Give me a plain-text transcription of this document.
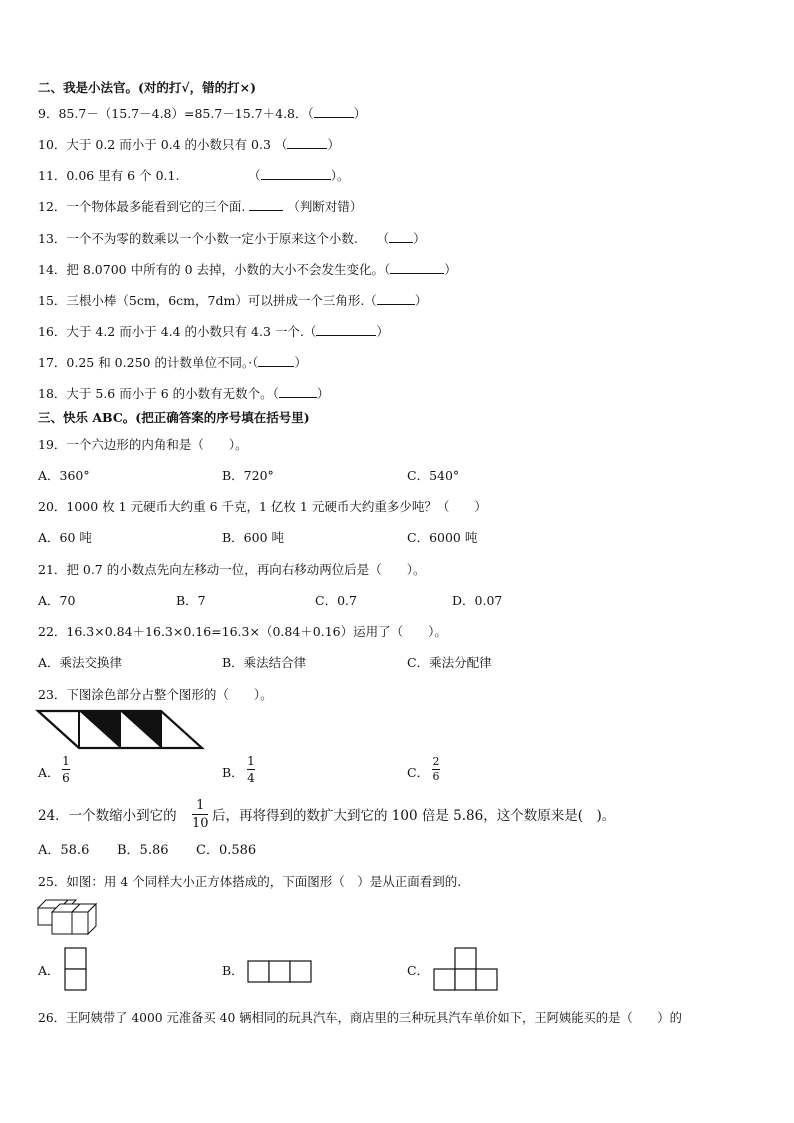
二、我是小法官。(对的打√，错的打×)
9．85.7－（15.7－4.8）=85.7－15.7＋4.8．（	）
10．大于 0.2 而小于 0.4 的小数只有 0.3 （	）
11．0.06 里有 6 个 0.1.　　　　　　（	）。
12．一个物体最多能看到它的三个面.	（判断对错）
13．一个不为零的数乘以一个小数一定小于原来这个小数.　　（ ）
14．把 8.0700 中所有的 0 去掉，小数的大小不会发生变化。（	）
15．三根小棒（5cm，6cm，7dm）可以拼成一个三角形.（	）
16．大于 4.2 而小于 4.4 的小数只有 4.3 一个.（	）
17．0.25 和 0.250 的计数单位不同。·（	）
18．大于 5.6 而小于 6 的小数有无数个。（	）
三、快乐 ABC。(把正确答案的序号填在括号里)
19．一个六边形的内角和是（　　）。
A．360°	B．720°	C．540°
20．1000 枚 1 元硬币大约重 6 千克，1 亿枚 1 元硬币大约重多少吨？（　　）
A．60 吨	B．600 吨	C．6000 吨
21．把 0.7 的小数点先向左移动一位，再向右移动两位后是（　　）。
A．70	B．7	C．0.7	D．0.07
22．16.3×0.84＋16.3×0.16=16.3×（0.84＋0.16）运用了（　　）。
A．乘法交换律	B．乘法结合律	C．乘法分配律
23．下图涂色部分占整个图形的（　　）。
A．
1
6	B．
1
4	C．
2
6
24．一个数缩小到它的
1
10 后，再将得到的数扩大到它的 100 倍是 5.86，这个数原来是(　)。
A．58.6 B．5.86 C．0.586
25．如图：用 4 个同样大小正方体搭成的，下面图形（　）是从正面看到的.
A．	B．	C．
26．王阿姨带了 4000 元准备买 40 辆相同的玩具汽车，商店里的三种玩具汽车单价如下，王阿姨能买的是（　　）的
